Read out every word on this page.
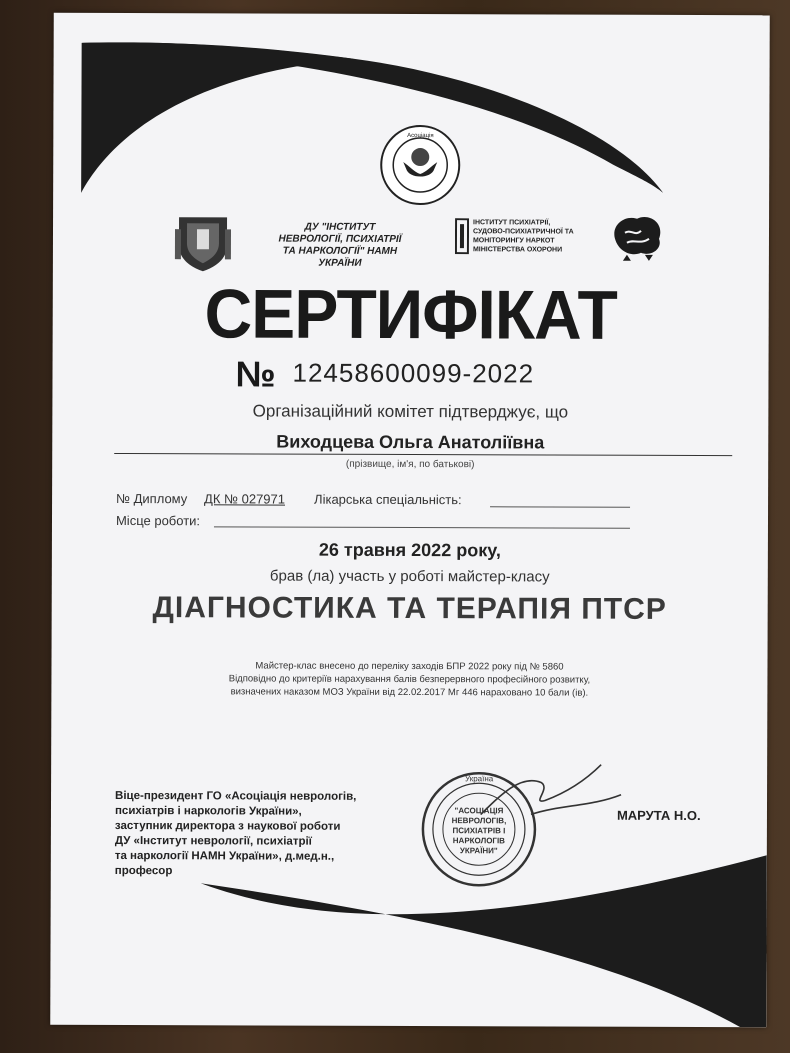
Асоціація
ДУ "ІНСТИТУТ НЕВРОЛОГІЇ, ПСИХІАТРІЇ ТА НАРКОЛОГІЇ" НАМН УКРАЇНИ
ІНСТИТУТ ПСИХІАТРІЇ, СУДОВО-ПСИХІАТРИЧНОЇ ТА МОНІТОРИНГУ НАРКОТ МІНІСТЕРСТВА ОХОРОНИ
СЕРТИФІКАТ
№ 12458600099-2022
Організаційний комітет підтверджує, що
Виходцева Ольга Анатоліївна
(прізвище, ім'я, по батькові)
№ Диплому ДК № 027971 Лікарська спеціальність:
Місце роботи:
26 травня 2022 року,
брав (ла) участь у роботі майстер-класу
ДІАГНОСТИКА ТА ТЕРАПІЯ ПТСР
Майстер-клас внесено до переліку заходів БПР 2022 року під № 5860
Відповідно до критеріїв нарахування балів безперервного професійного розвитку,
визначених наказом МОЗ України від 22.02.2017 Мг 446 нараховано 10 бали (ів).
Віце-президент ГО «Асоціація неврологів,
психіатрів і наркологів України»,
заступник директора з наукової роботи
ДУ «Інститут неврології, психіатрії
та наркології НАМН України», д.мед.н.,
професор
Україна
"АСОЦІАЦІЯ
НЕВРОЛОГІВ,
ПСИХІАТРІВ І
НАРКОЛОГІВ
УКРАЇНИ"
МАРУТА Н.О.
